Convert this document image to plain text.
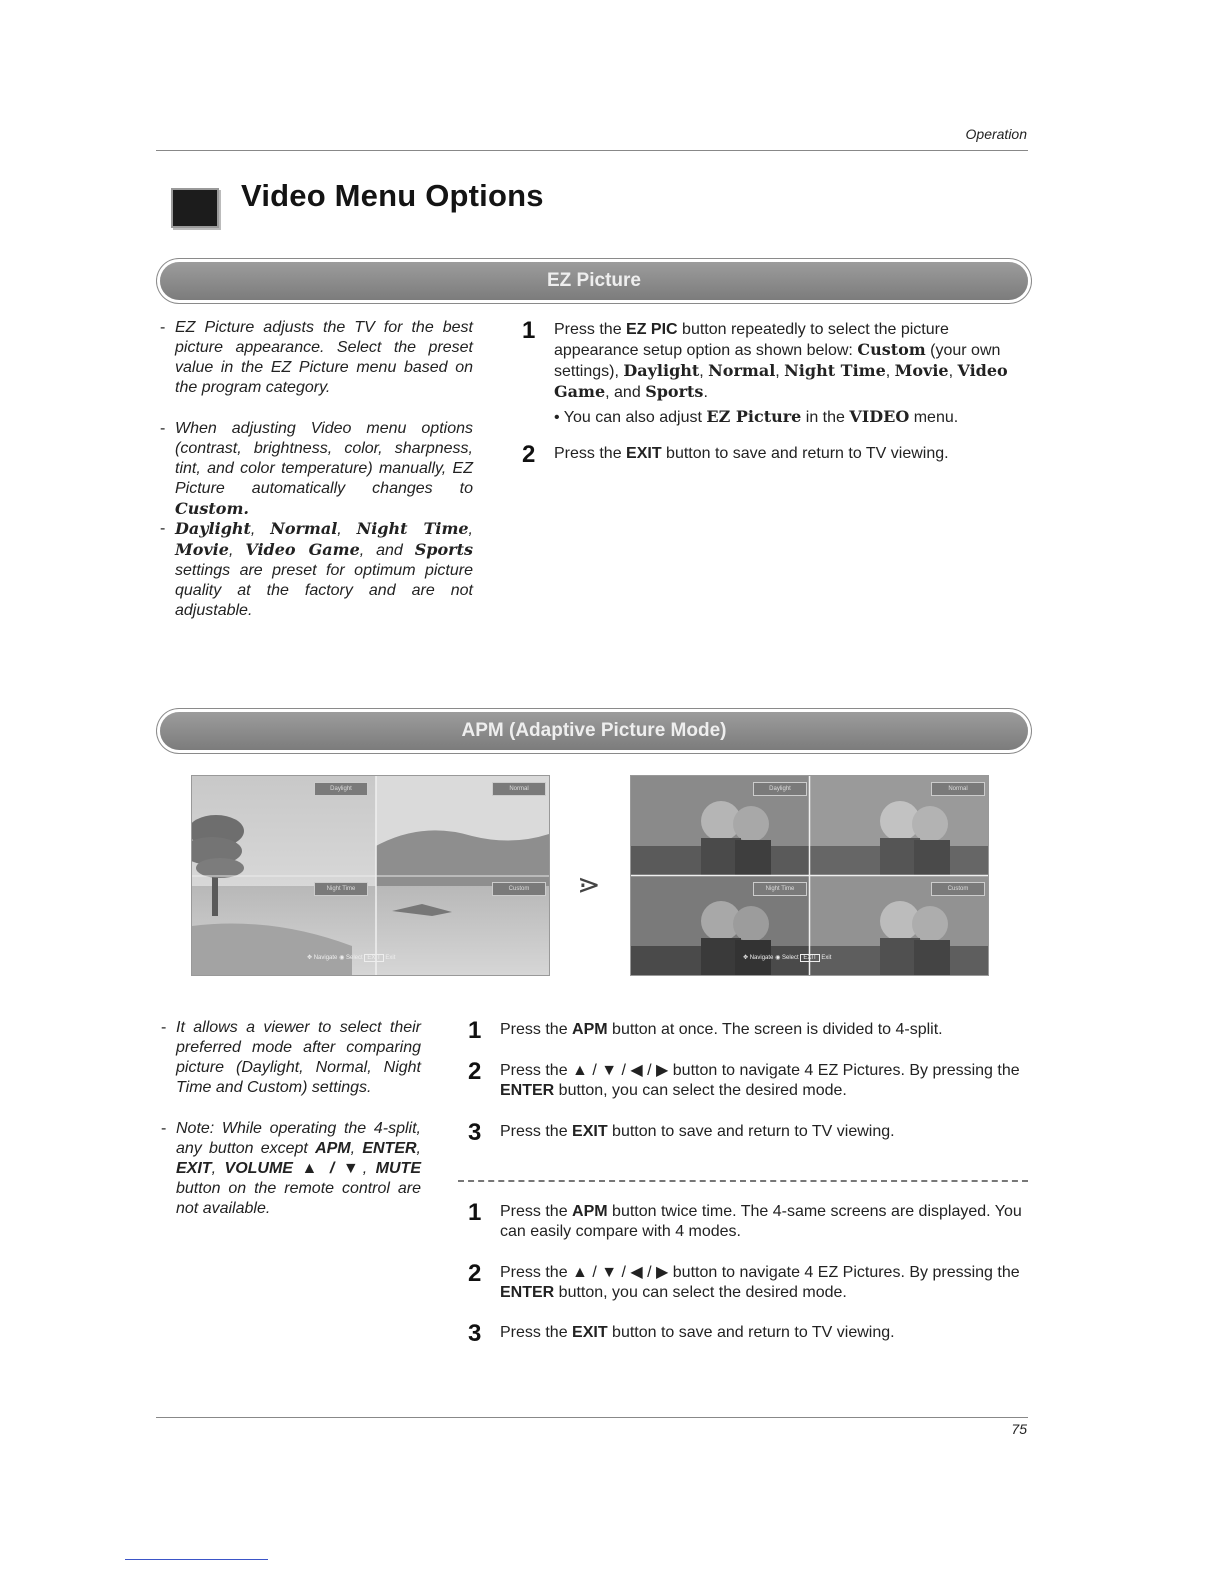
Operation
Video Menu Options
EZ Picture
- EZ Picture adjusts the TV for the best picture appearance. Select the preset value in the EZ Picture menu based on the program category.
- When adjusting Video menu options (contrast, brightness, color, sharpness, tint, and color temperature) manually, EZ Picture automatically changes to Custom.
- Daylight, Normal, Night Time, Movie, Video Game, and Sports settings are preset for optimum picture quality at the factory and are not adjustable.
1 Press the EZ PIC button repeatedly to select the picture appearance setup option as shown below: Custom (your own settings), Daylight, Normal, Night Time, Movie, Video Game, and Sports.
• You can also adjust EZ Picture in the VIDEO menu.
2 Press the EXIT button to save and return to TV viewing.
APM (Adaptive Picture Mode)
Daylight	Normal
Night Time	Custom
✥ Navigate ◉ Select EXIT Exit
⋗
Daylight	Normal
Night Time	Custom
✥ Navigate ◉ Select EXIT Exit
- It allows a viewer to select their preferred mode after comparing picture (Daylight, Normal, Night Time and Custom) settings.
- Note: While operating the 4-split, any button except APM, ENTER, EXIT, VOLUME ▲ / ▼, MUTE button on the remote control are not available.
1 Press the APM button at once. The screen is divided to 4-split.
2 Press the ▲ / ▼ / ◀ / ▶ button to navigate 4 EZ Pictures. By pressing the ENTER button, you can select the desired mode.
3 Press the EXIT button to save and return to TV viewing.
1 Press the APM button twice time. The 4-same screens are displayed. You can easily compare with 4 modes.
2 Press the ▲ / ▼ / ◀ / ▶ button to navigate 4 EZ Pictures. By pressing the ENTER button, you can select the desired mode.
3 Press the EXIT button to save and return to TV viewing.
75
